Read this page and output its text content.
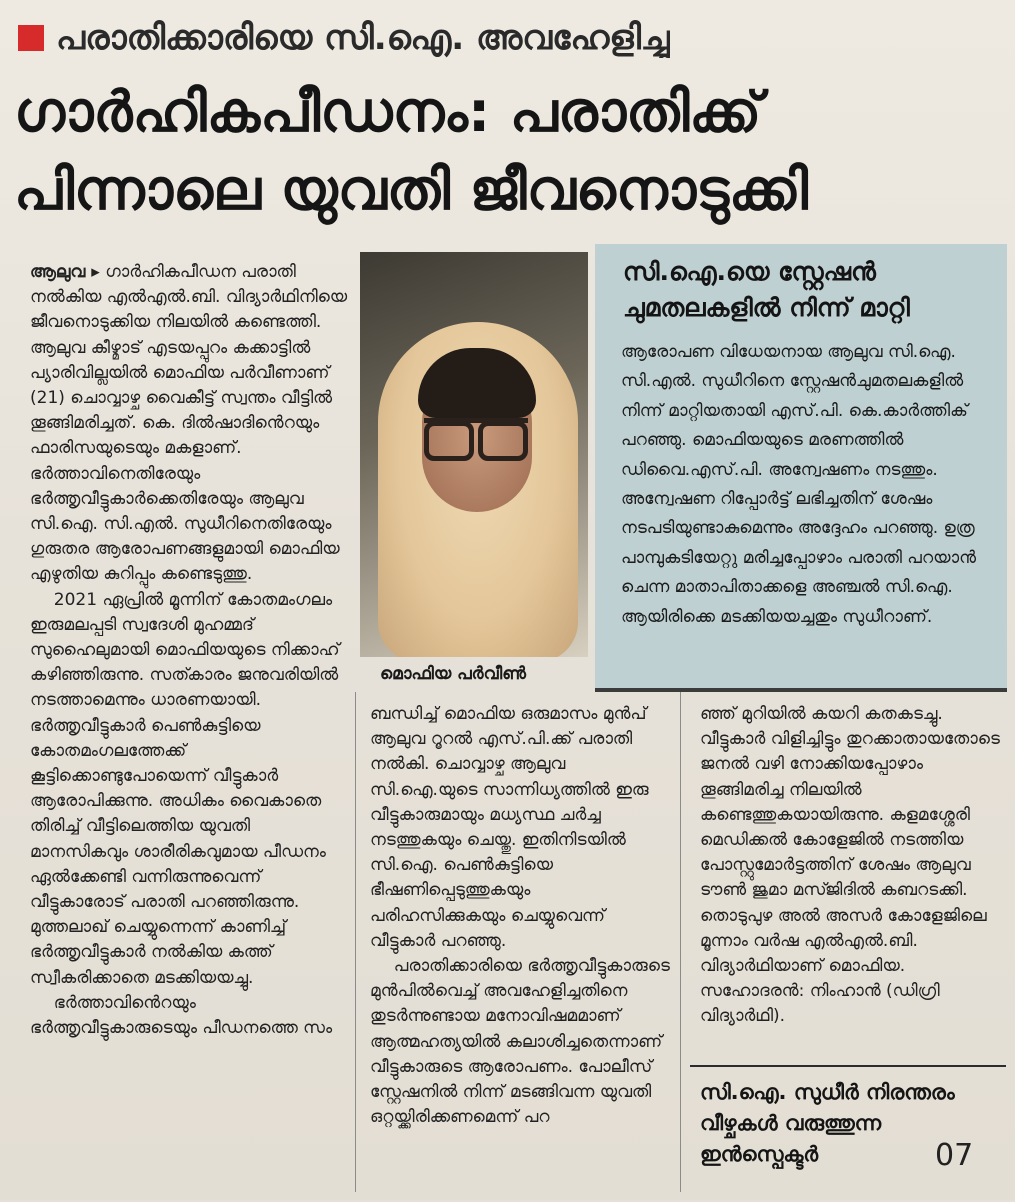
പരാതിക്കാരിയെ സി.ഐ. അവഹേളിച്ചു
ഗാർഹികപീഡനം: പരാതിക്ക്
പിന്നാലെ യുവതി ജീവനൊടുക്കി

ആലുവ ▸ ഗാർഹികപീഡന പരാതി നൽകിയ എൽഎൽ.ബി. വിദ്യാർഥിനിയെ ജീവനൊടുക്കിയ നിലയിൽ കണ്ടെത്തി. ആലുവ കീഴ്മാട് എടയപ്പുറം കക്കാട്ടിൽ പ്യാരിവില്ലയിൽ മൊഫിയ പർവീണാണ് (21) ചൊവ്വാഴ്ച വൈകീട്ട് സ്വന്തം വീട്ടിൽ തൂങ്ങിമരിച്ചത്. കെ. ദിൽഷാദിൻെറയും ഫാരിസയുടെയും മകളാണ്. ഭർത്താവിനെതിരേയും ഭർത്തൃവീട്ടുകാർക്കെതിരേയും ആലുവ സി.ഐ. സി.എൽ. സുധീറിനെതിരേയും ഗുരുതര ആരോപണങ്ങളുമായി മൊഫിയ എഴുതിയ കുറിപ്പും കണ്ടെടുത്തു.

2021 ഏപ്രിൽ മൂന്നിന് കോതമംഗലം ഇരുമലപ്പടി സ്വദേശി മുഹമ്മദ് സുഹൈലുമായി മൊഫിയയുടെ നിക്കാഹ് കഴിഞ്ഞിരുന്നു. സത്കാരം ജനുവരിയിൽ നടത്താമെന്നും ധാരണയായി. ഭർത്തൃവീട്ടുകാർ പെൺകുട്ടിയെ കോതമംഗലത്തേക്ക് കൂട്ടിക്കൊണ്ടുപോയെന്ന് വീട്ടുകാർ ആരോപിക്കുന്നു. അധികം വൈകാതെ തിരിച്ച് വീട്ടിലെത്തിയ യുവതി മാനസികവും ശാരീരികവുമായ പീഡനം ഏൽക്കേണ്ടി വന്നിരുന്നുവെന്ന് വീട്ടുകാരോട് പരാതി പറഞ്ഞിരുന്നു. മുത്തലാഖ് ചെയ്യുന്നെന്ന് കാണിച്ച് ഭർത്തൃവീട്ടുകാർ നൽകിയ കത്ത് സ്വീകരിക്കാതെ മടക്കിയയച്ചു.

ഭർത്താവിൻെറയും ഭർത്തൃവീട്ടുകാരുടെയും പീഡനത്തെ സം

മൊഫിയ പർവീൺ
സി.ഐ.യെ സ്റ്റേഷൻ
ചുമതലകളിൽ നിന്ന് മാറ്റി

ആരോപണ വിധേയനായ ആലുവ സി.ഐ. സി.എൽ. സുധീറിനെ സ്റ്റേഷൻചുമതലകളിൽ നിന്ന് മാറ്റിയതായി എസ്.പി. കെ.കാർത്തിക് പറഞ്ഞു. മൊഫിയയുടെ മരണത്തിൽ ഡിവൈ.എസ്.പി. അന്വേഷണം നടത്തും. അന്വേഷണ റിപ്പോർട്ട് ലഭിച്ചതിന് ശേഷം നടപടിയുണ്ടാകുമെന്നും അദ്ദേഹം പറഞ്ഞു. ഉത്ര പാമ്പുകടിയേറ്റു മരിച്ചപ്പോഴാം പരാതി പറയാൻ ചെന്ന മാതാപിതാക്കളെ അഞ്ചൽ സി.ഐ. ആയിരിക്കെ മടക്കിയയച്ചതും സുധീറാണ്.

ബന്ധിച്ച് മൊഫിയ ഒരുമാസം മുൻപ് ആലുവ റൂറൽ എസ്.പി.ക്ക് പരാതി നൽകി. ചൊവ്വാഴ്ച ആലുവ സി.ഐ.യുടെ സാന്നിധ്യത്തിൽ ഇരു വീട്ടുകാരുമായും മധ്യസ്ഥ ചർച്ച നടത്തുകയും ചെയ്തു. ഇതിനിടയിൽ സി.ഐ. പെൺകുട്ടിയെ ഭീഷണിപ്പെടുത്തുകയും പരിഹസിക്കുകയും ചെയ്യുവെന്ന് വീട്ടുകാർ പറഞ്ഞു.

പരാതിക്കാരിയെ ഭർത്തൃവീട്ടുകാരുടെ മുൻപിൽവെച്ച് അവഹേളിച്ചതിനെ തുടർന്നുണ്ടായ മനോവിഷമമാണ് ആത്മഹത്യയിൽ കലാശിച്ചതെന്നാണ് വീട്ടുകാരുടെ ആരോപണം. പോലീസ് സ്റ്റേഷനിൽ നിന്ന് മടങ്ങിവന്ന യുവതി ഒറ്റയ്ക്കിരിക്കണമെന്ന് പറ

ഞ്ഞ് മുറിയിൽ കയറി കതകടച്ചു. വീട്ടുകാർ വിളിച്ചിട്ടും തുറക്കാതായതോടെ ജനൽ വഴി നോക്കിയപ്പോഴാം തൂങ്ങിമരിച്ച നിലയിൽ കണ്ടെത്തുകയായിരുന്നു. കളമശ്ശേരി മെഡിക്കൽ കോളേജിൽ നടത്തിയ പോസ്റ്റുമോർട്ടത്തിന് ശേഷം ആലുവ ടൗൺ ജുമാ മസ്ജിദിൽ കബറടക്കി. തൊടുപുഴ അൽ അസർ കോളേജിലെ മൂന്നാം വർഷ എൽഎൽ.ബി. വിദ്യാർഥിയാണ് മൊഫിയ. സഹോദരൻ: നിംഹാൻ (ഡിഗ്രി വിദ്യാർഥി).

സി.ഐ. സുധീർ നിരന്തരം
വീഴ്ചകൾ വരുത്തുന്ന
ഇൻസ്പെക്ടർ	07
